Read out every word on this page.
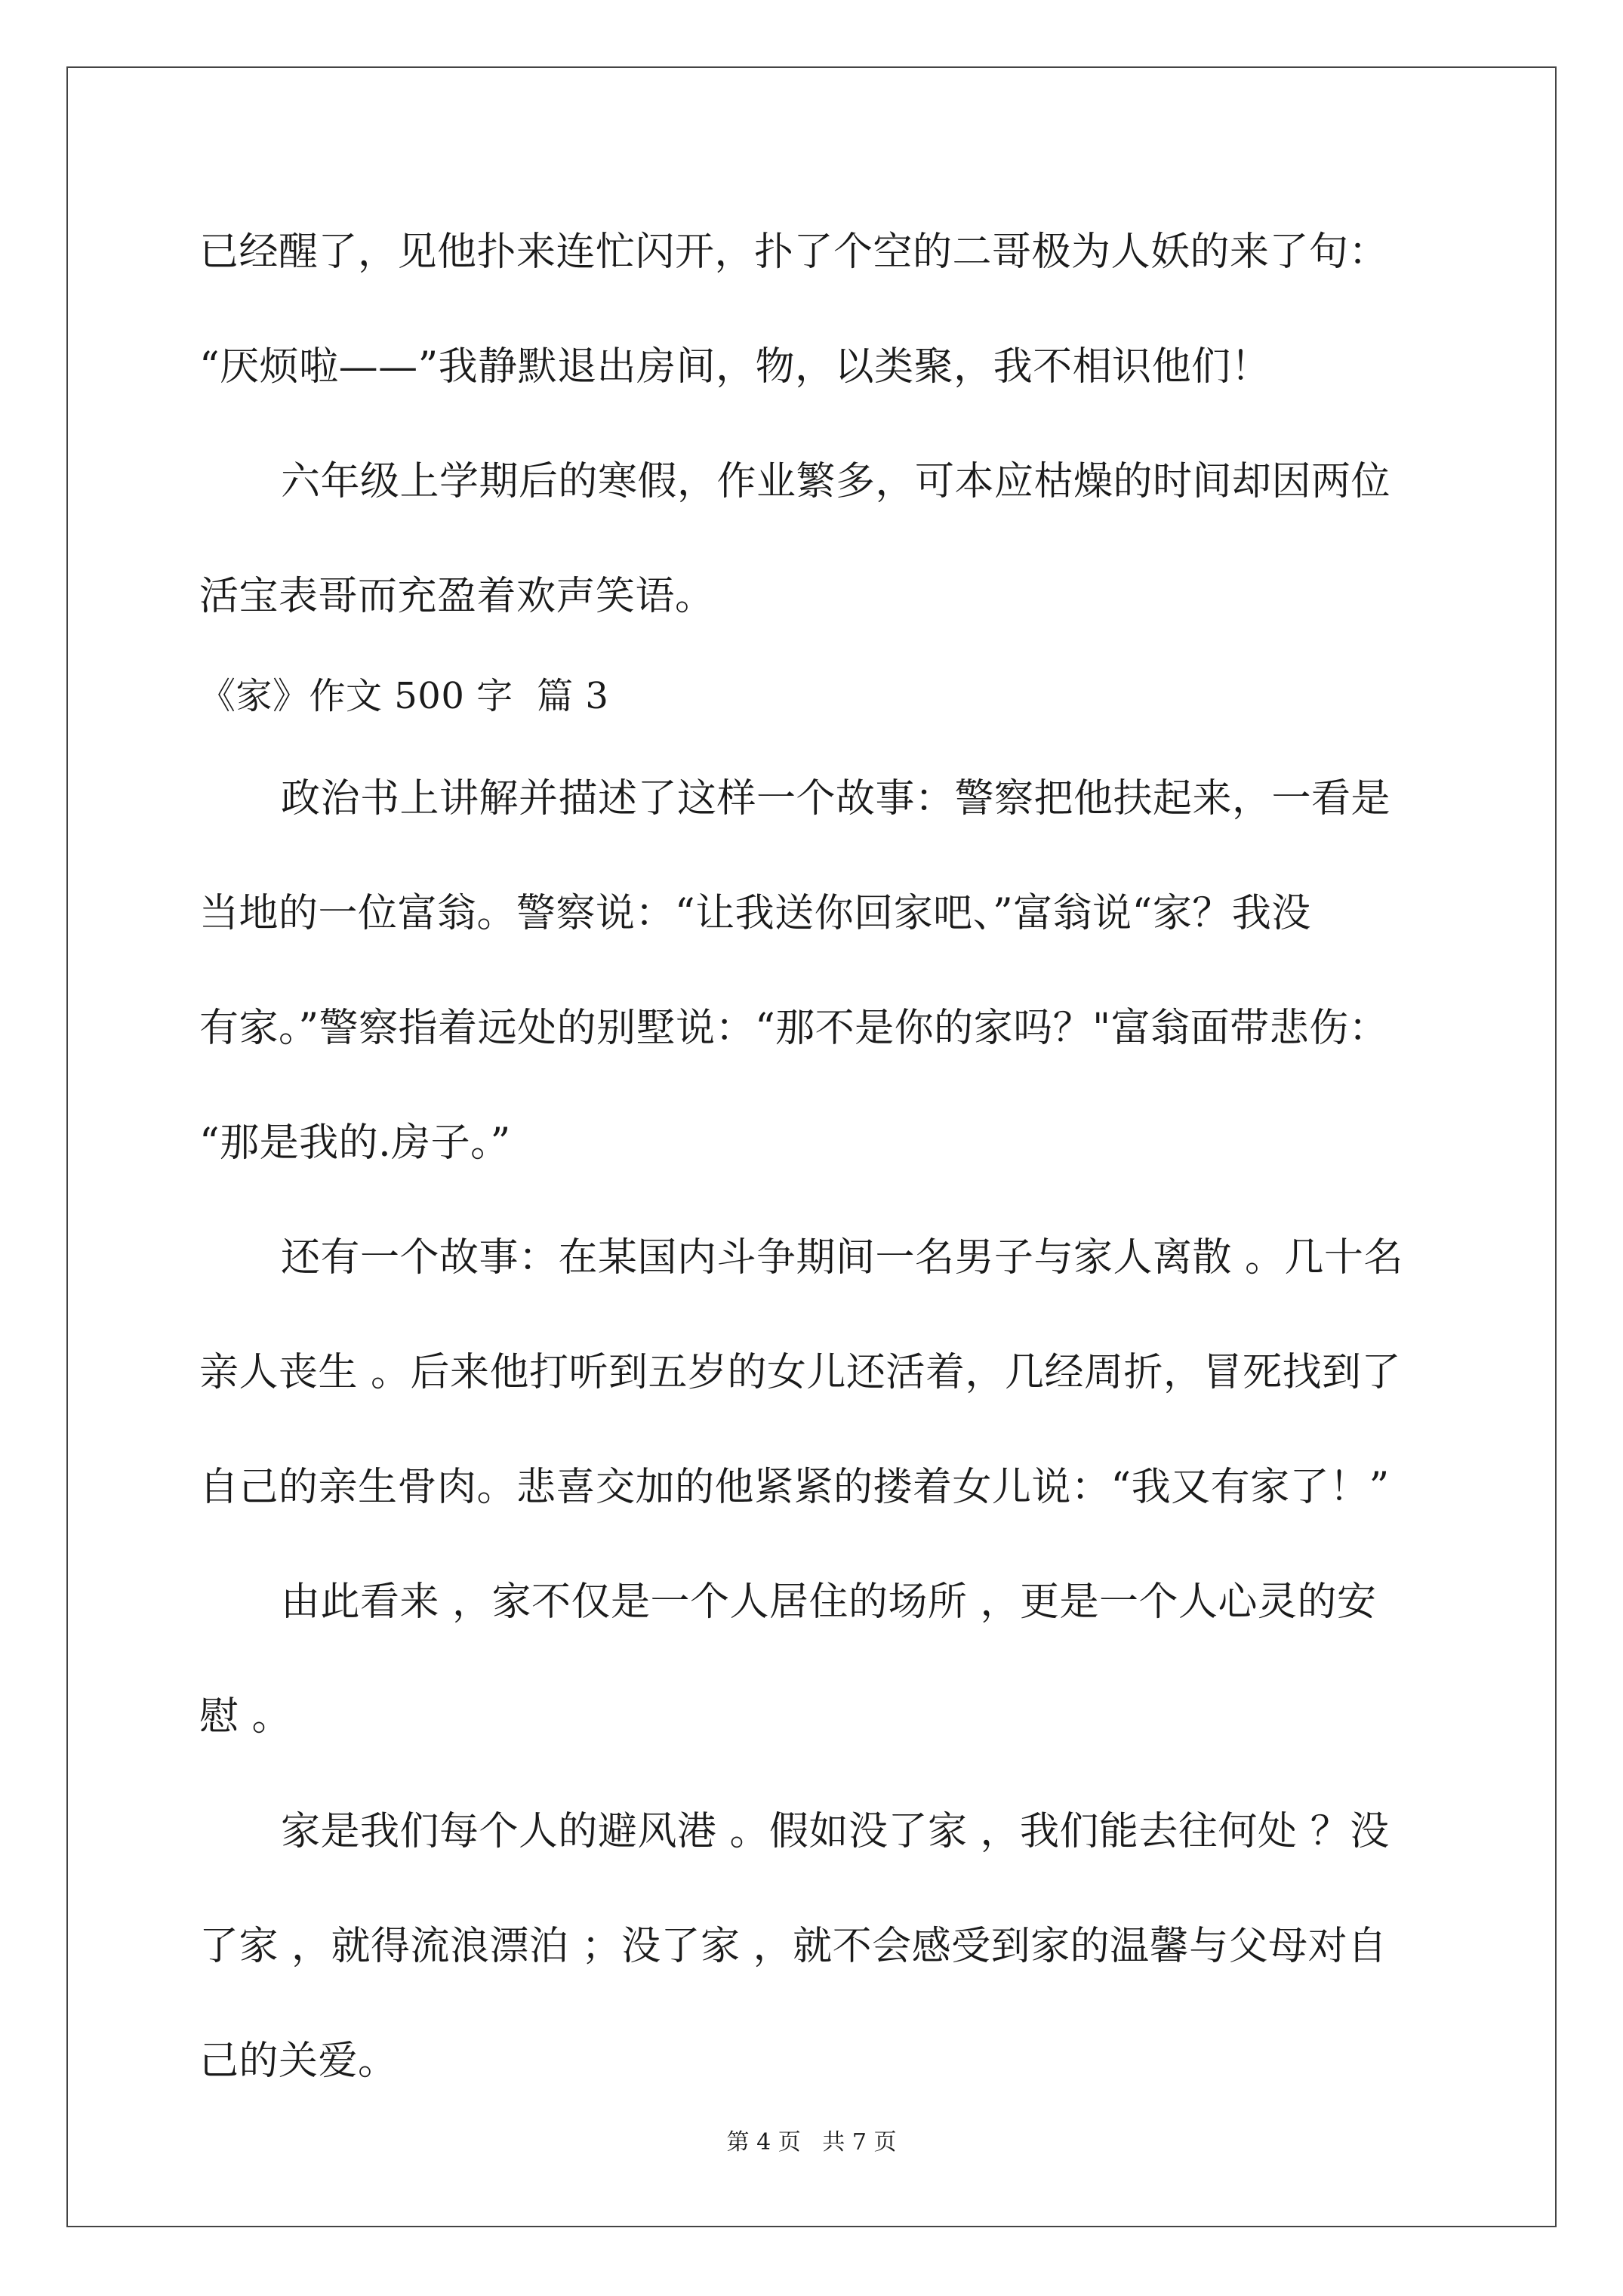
已经醒了，见他扑来连忙闪开，扑了个空的二哥极为人妖的来了句：
“厌烦啦——”我静默退出房间，物，以类聚，我不相识他们！
六年级上学期后的寒假，作业繁多，可本应枯燥的时间却因两位
活宝表哥而充盈着欢声笑语。
《家》作文 500 字  篇 3
政治书上讲解并描述了这样一个故事：警察把他扶起来，一看是
当地的一位富翁。警察说：“让我送你回家吧、”富翁说“家？我没
有家。”警察指着远处的别墅说：“那不是你的家吗？"富翁面带悲伤：
“那是我的.房子。”
还有一个故事：在某国内斗争期间一名男子与家人离散 。几十名
亲人丧生 。后来他打听到五岁的女儿还活着，几经周折，冒死找到了
自己的亲生骨肉。悲喜交加的他紧紧的搂着女儿说：“我又有家了！”
由此看来 ，家不仅是一个人居住的场所 ，更是一个人心灵的安
慰 。
家是我们每个人的避风港 。假如没了家 ，我们能去往何处 ？没
了家 ，就得流浪漂泊 ；没了家 ，就不会感受到家的温馨与父母对自
己的关爱。
第 4 页   共 7 页
